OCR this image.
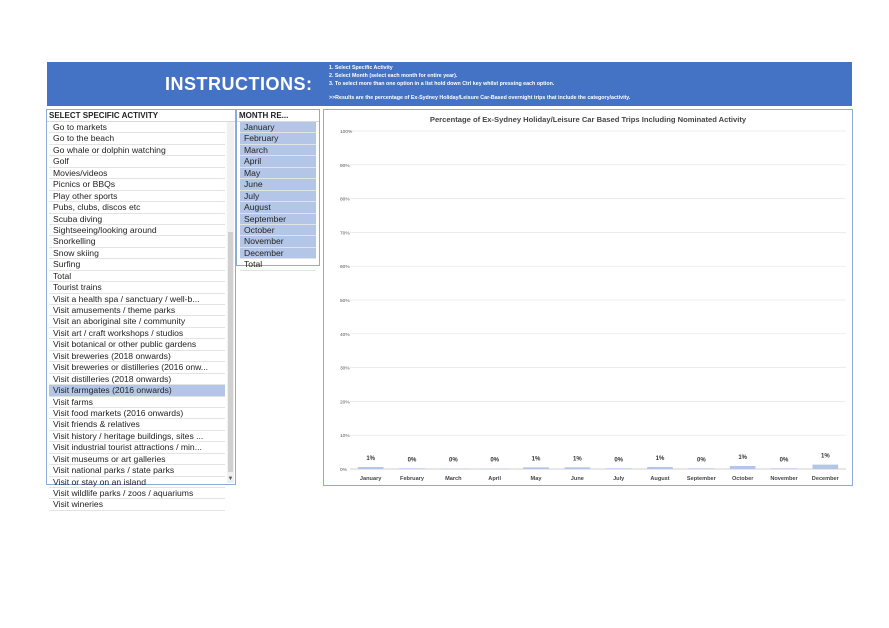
INSTRUCTIONS:
1. Select Specific Activity
2. Select Month (select each month for entire year).
3. To select more than one option in a list hold down Ctrl key whilst pressing each option.
>>Results are the percentage of Ex-Sydney Holiday/Leisure Car-Based overnight trips that include the category/activity.
SELECT SPECIFIC ACTIVITY
Go to markets
Go to the beach
Go whale or dolphin watching
Golf
Movies/videos
Picnics or BBQs
Play other sports
Pubs, clubs, discos etc
Scuba diving
Sightseeing/looking around
Snorkelling
Snow skiing
Surfing
Total
Tourist trains
Visit a health spa / sanctuary / well-b...
Visit amusements / theme parks
Visit an aboriginal site / community
Visit art / craft workshops / studios
Visit botanical or other public gardens
Visit breweries (2018 onwards)
Visit breweries or distilleries (2016 onw...
Visit distilleries (2018 onwards)
Visit farmgates (2016 onwards)
Visit farms
Visit food markets (2016 onwards)
Visit friends & relatives
Visit history / heritage buildings, sites ...
Visit industrial tourist attractions / min...
Visit museums or art galleries
Visit national parks / state parks
Visit or stay on an island
Visit wildlife parks / zoos / aquariums
Visit wineries
▼
MONTH RE...
January
February
March
April
May
June
July
August
September
October
November
December
Total
Percentage of Ex-Sydney Holiday/Leisure Car Based Trips Including Nominated Activity
0%
10%
20%
30%
40%
50%
60%
70%
80%
90%
100%
1%
January
0%
February
0%
March
0%
April
1%
May
1%
June
0%
July
1%
August
0%
September
1%
October
0%
November
1%
December
